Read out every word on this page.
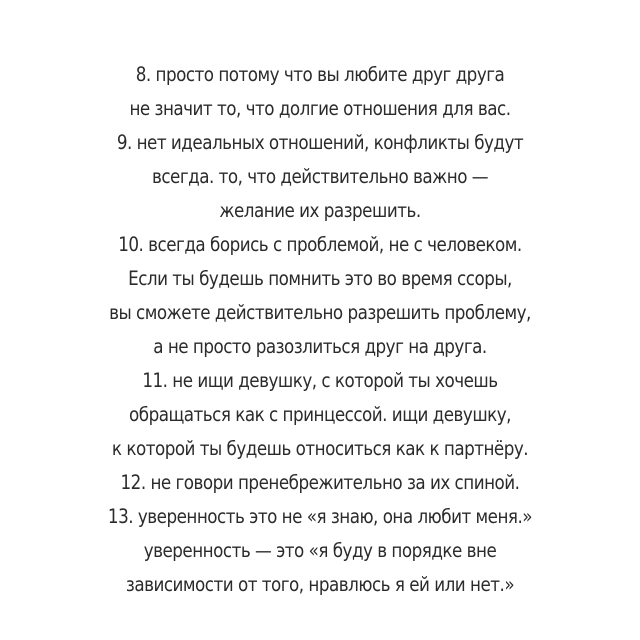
8. просто потому что вы любите друг друга
не значит то, что долгие отношения для вас.
9. нет идеальных отношений, конфликты будут
всегда. то, что действительно важно —
желание их разрешить.
10. всегда борись с проблемой, не с человеком.
Если ты будешь помнить это во время ссоры,
вы сможете действительно разрешить проблему,
а не просто разозлиться друг на друга.
11. не ищи девушку, с которой ты хочешь
обращаться как с принцессой. ищи девушку,
к которой ты будешь относиться как к партнёру.
12. не говори пренебрежительно за их спиной.
13. уверенность это не «я знаю, она любит меня.»
уверенность — это «я буду в порядке вне
зависимости от того, нравлюсь я ей или нет.»
